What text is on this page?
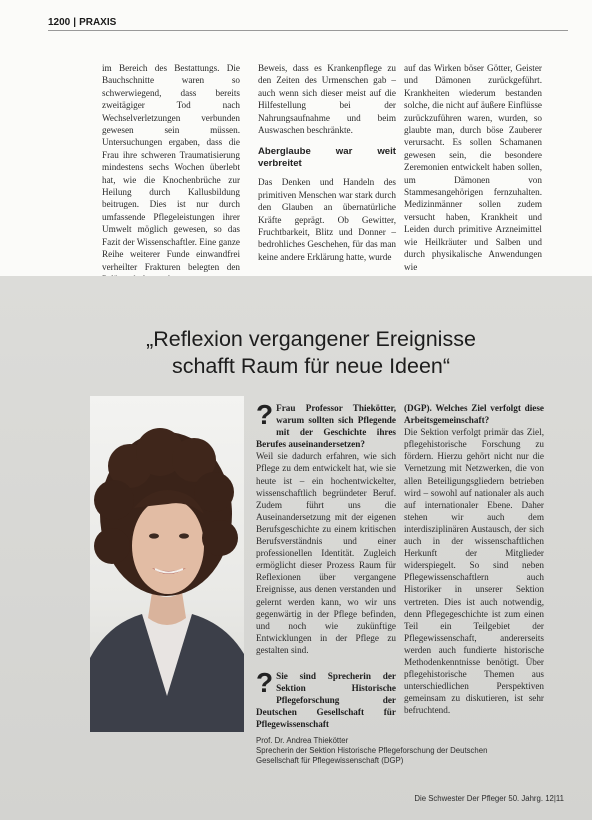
1200 | PRAXIS

im Bereich des Bestattungs. Die Bauchschnitte waren so schwerwiegend, dass bereits zweitägiger Tod nach Wechselverletzungen verbunden gewesen sein müssen. Untersuchungen ergaben, dass die Frau ihre schweren Traumatisierung mindestens sechs Wochen überlebt hat, wie die Knochenbrüche zur Heilung durch Kallusbildung beitrugen. Dies ist nur durch umfassende Pflegeleistungen ihrer Umwelt möglich gewesen, so das Fazit der Wissenschaftler. Eine ganze Reihe weiterer Funde einwandfrei verheilter Frakturen belegten den

Beweis, dass es Krankenpflege zu den Zeiten des Urmenschen gab – auch wenn sich dieser meist auf die Hilfestellung bei der Nahrungsaufnahme und beim Auswaschen beschränkte.

Aberglaube war weit verbreitet

Das Denken und Handeln des primitiven Menschen war stark durch den Glauben an übernatürliche Kräfte geprägt. Ob Gewitter, Fruchtbarkeit, Blitz und Donner – bedrohliches Geschehen, für das man keine andere Erklärung hatte, wurde

auf das Wirken böser Götter, Geister und Dämonen zurückgeführt. Krankheiten wiederum bestanden solche, die nicht auf äußere Einflüsse zurückzuführen waren, wurden, so glaubte man, durch böse Zauberer verursacht. Es sollen Schamanen gewesen sein, die besondere Zeremonien entwickelt haben sollen, um Dämonen von Stammesangehörigen fernzuhalten. Medizinmänner sollen zudem versucht haben, Krankheit und Leiden durch primitive Arzneimittel wie Heilkräuter und Salben und durch physikalische Anwendungen wie

„Reflexion vergangener Ereignisse
schafft Raum für neue Ideen“

? Frau Professor Thiekötter, warum sollten sich Pflegende mit der Geschichte ihres Berufes auseinandersetzen?

Weil sie dadurch erfahren, wie sich Pflege zu dem entwickelt hat, wie sie heute ist – ein hochentwickelter, wissenschaftlich begründeter Beruf. Zudem führt uns die Auseinandersetzung mit der eigenen Berufsgeschichte zu einem kritischen Berufsverständnis und einer professionellen Identität. Zugleich ermöglicht dieser Prozess Raum für Reflexionen über vergangene Ereignisse, aus denen verstanden und gelernt werden kann, wo wir uns gegenwärtig in der Pflege befinden, und noch wie zukünftige Entwicklungen in der Pflege zu gestalten sind.

? Sie sind Sprecherin der Sektion Historische Pflegeforschung der Deutschen Gesellschaft für Pflegewissenschaft

(DGP). Welches Ziel verfolgt diese Arbeitsgemeinschaft?

Die Sektion verfolgt primär das Ziel, pflegehistorische Forschung zu fördern. Hierzu gehört nicht nur die Vernetzung mit Netzwerken, die von allen Beteiligungsgliedern betrieben wird – sowohl auf nationaler als auch auf internationaler Ebene. Daher stehen wir auch dem interdisziplinären Austausch, der sich auch in der wissenschaftlichen Herkunft der Mitglieder widerspiegelt. So sind neben Pflegewissenschaftlern auch Historiker in unserer Sektion vertreten. Dies ist auch notwendig, denn Pflegegeschichte ist zum einen Teil ein Teilgebiet der Pflegewissenschaft, andererseits werden auch fundierte historische Methodenkenntnisse benötigt. Über pflegehistorische Themen aus unterschiedlichen Perspektiven gemeinsam zu diskutieren, ist sehr befruchtend.

Prof. Dr. Andrea Thiekötter

Sprecherin der Sektion Historische Pflegeforschung der Deutschen

Gesellschaft für Pflegewissenschaft (DGP)

Die Schwester Der Pfleger 50. Jahrg. 12|11
